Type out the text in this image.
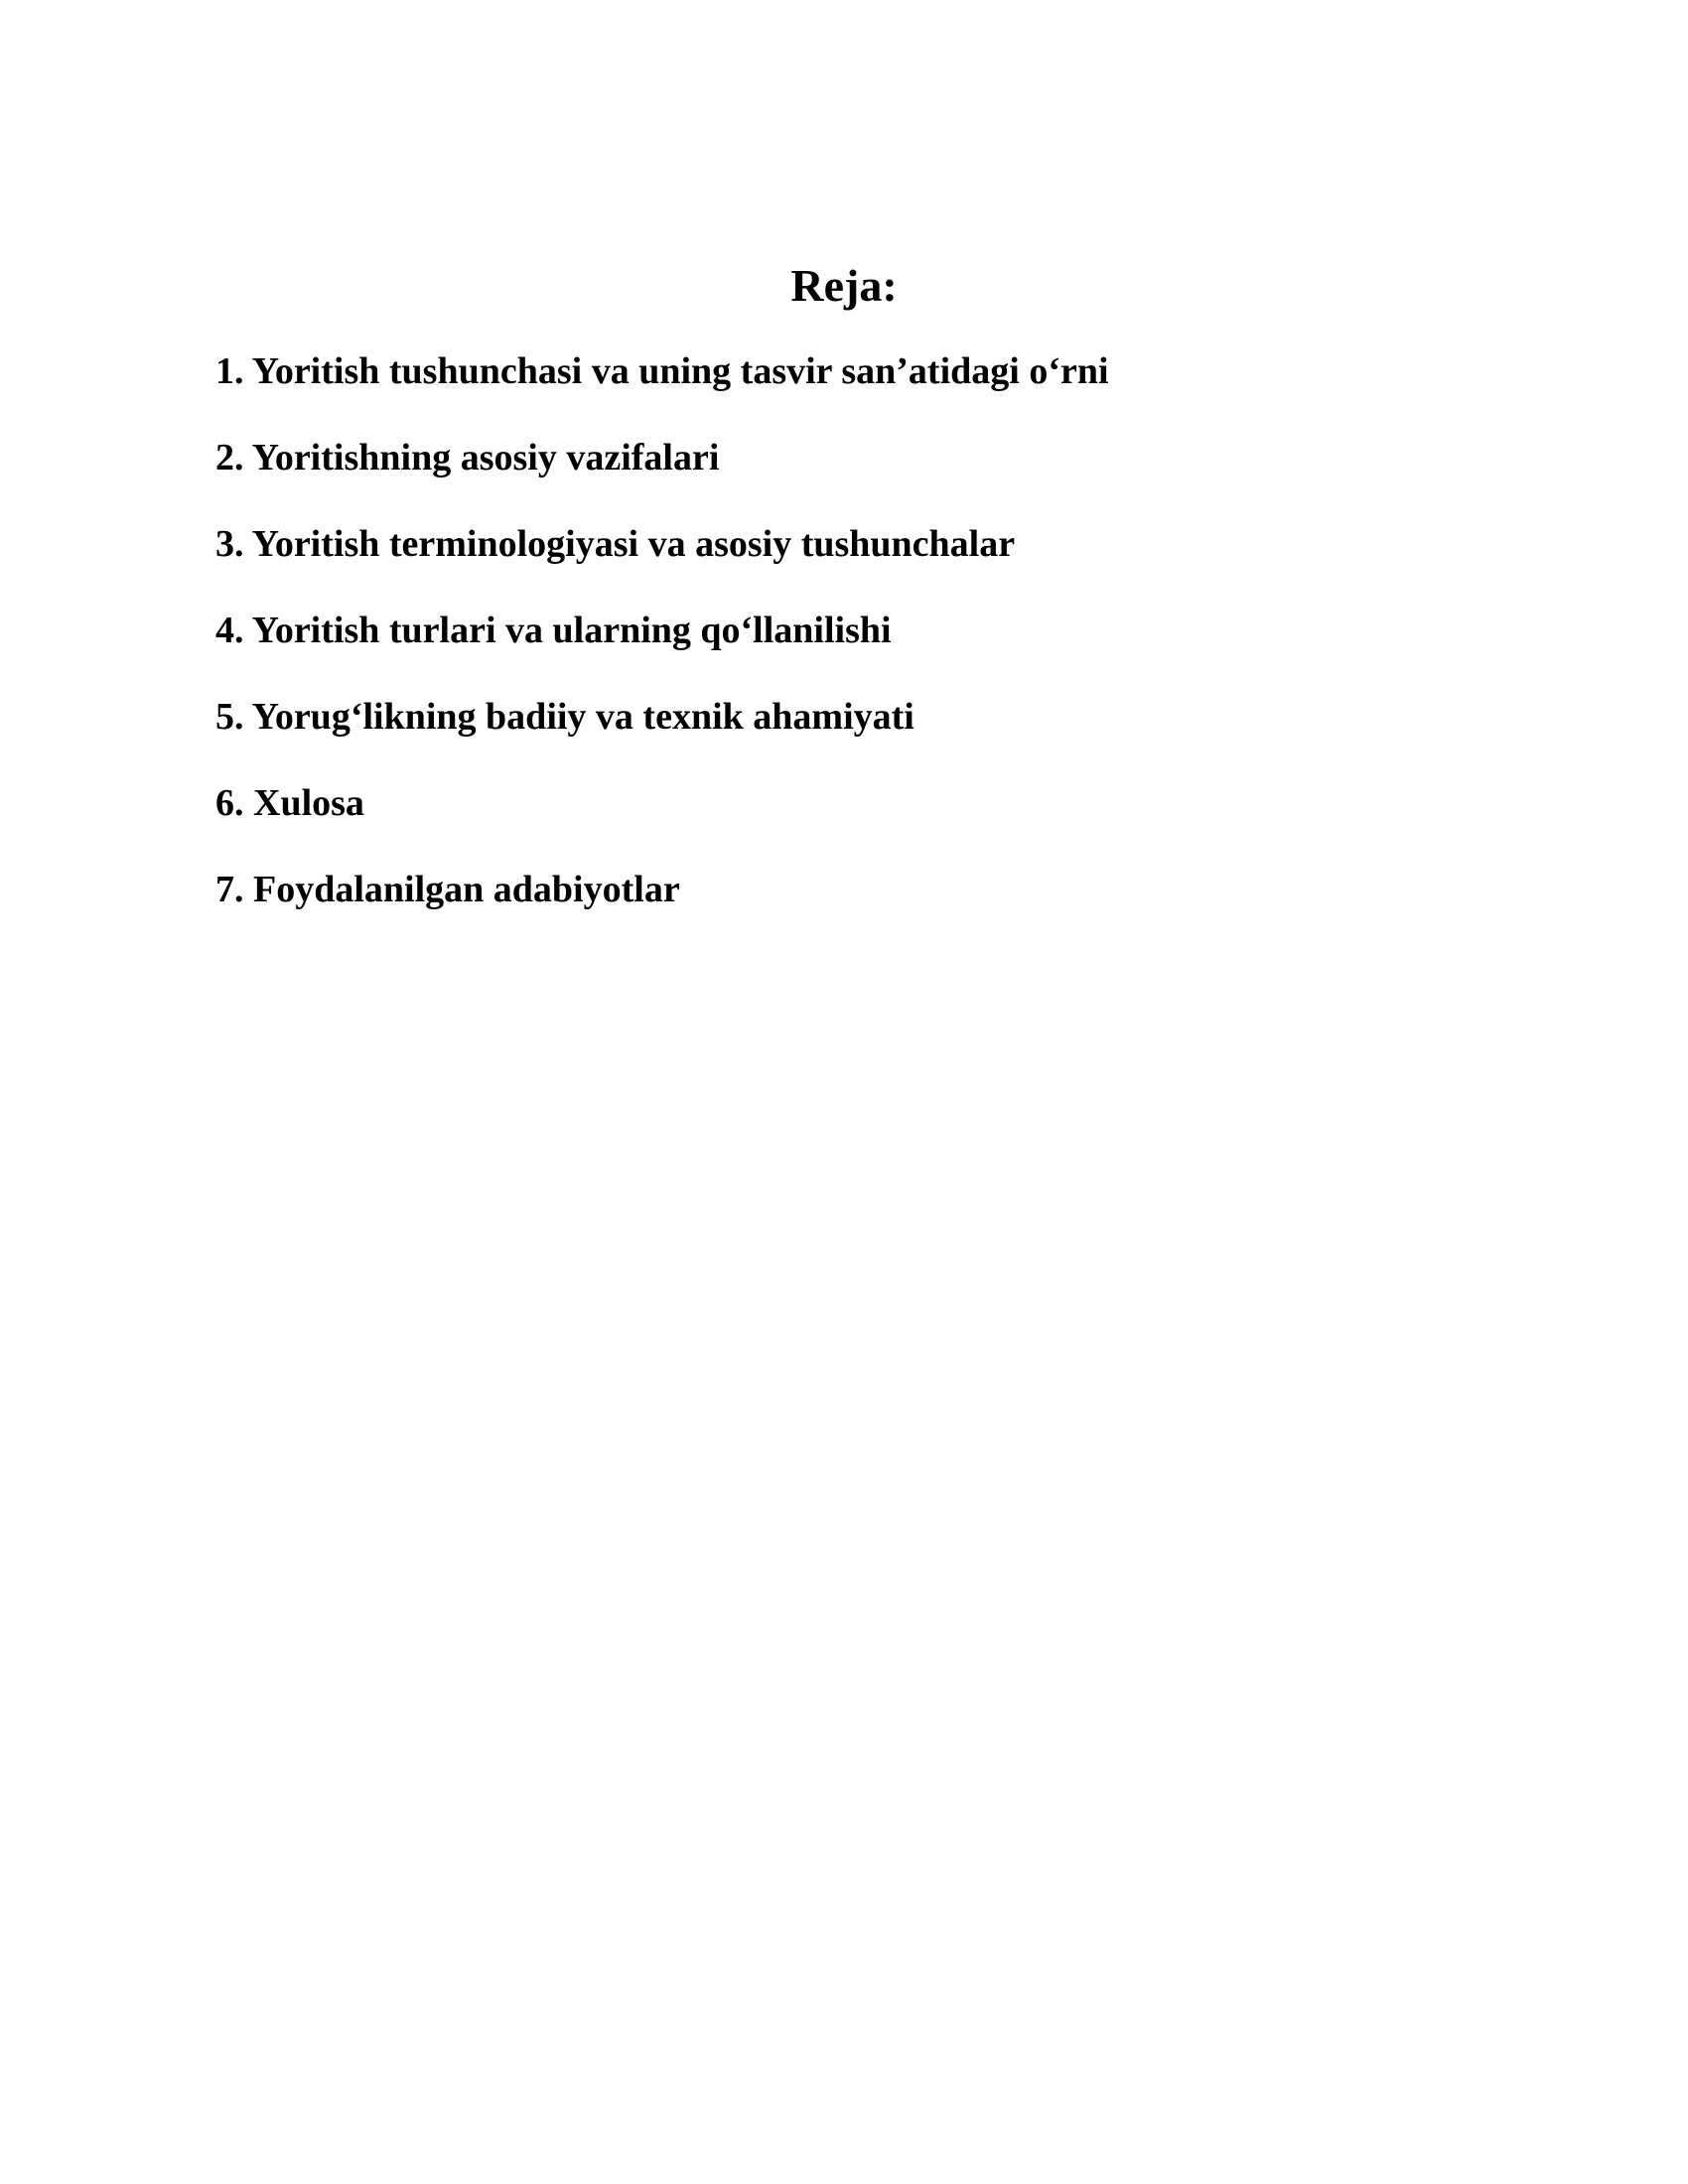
Reja:
1. Yoritish tushunchasi va uning tasvir san’atidagi o‘rni
2. Yoritishning asosiy vazifalari
3. Yoritish terminologiyasi va asosiy tushunchalar
4. Yoritish turlari va ularning qo‘llanilishi
5. Yorug‘likning badiiy va texnik ahamiyati
6. Xulosa
7. Foydalanilgan adabiyotlar
